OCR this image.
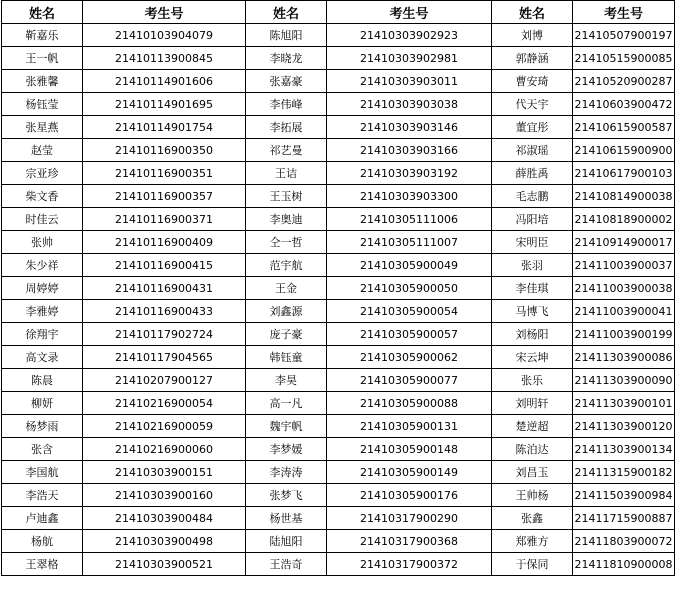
姓名	考生号	姓名	考生号	姓名	考生号
靳嘉乐	21410103904079	陈旭阳	21410303902923	刘博	21410507900197
王一帆	21410113900845	李晓龙	21410303902981	郭静涵	21410515900085
张雅馨	21410114901606	张嘉豪	21410303903011	曹安琦	21410520900287
杨钰莹	21410114901695	李伟峰	21410303903038	代天宇	21410603900472
张星燕	21410114901754	李拓展	21410303903146	董宜彤	21410615900587
赵莹	21410116900350	祁艺曼	21410303903166	祁淑瑶	21410615900900
宗亚珍	21410116900351	王诘	21410303903192	薛胜禹	21410617900103
柴文香	21410116900357	王玉树	21410303903300	毛志鹏	21410814900038
时佳云	21410116900371	李奥迪	21410305111006	冯阳培	21410818900002
张帅	21410116900409	仝一哲	21410305111007	宋明臣	21410914900017
朱少祥	21410116900415	范宇航	21410305900049	张羽	21411003900037
周婷婷	21410116900431	王金	21410305900050	李佳琪	21411003900038
李雅婷	21410116900433	刘鑫源	21410305900054	马博飞	21411003900041
徐翔宇	21410117902724	庞子豪	21410305900057	刘杨阳	21411003900199
高文录	21410117904565	韩钰童	21410305900062	宋云坤	21411303900086
陈晨	21410207900127	李昊	21410305900077	张乐	21411303900090
柳妍	21410216900054	高一凡	21410305900088	刘明轩	21411303900101
杨梦雨	21410216900059	魏宇帆	21410305900131	楚逆超	21411303900120
张含	21410216900060	李梦媛	21410305900148	陈泊达	21411303900134
李国航	21410303900151	李涛涛	21410305900149	刘昌玉	21411315900182
李浩天	21410303900160	张梦飞	21410305900176	王帅杨	21411503900984
卢迪鑫	21410303900484	杨世基	21410317900290	张鑫	21411715900887
杨航	21410303900498	陆旭阳	21410317900368	郑雅方	21411803900072
王翠格	21410303900521	王浩奇	21410317900372	于保同	21411810900008
